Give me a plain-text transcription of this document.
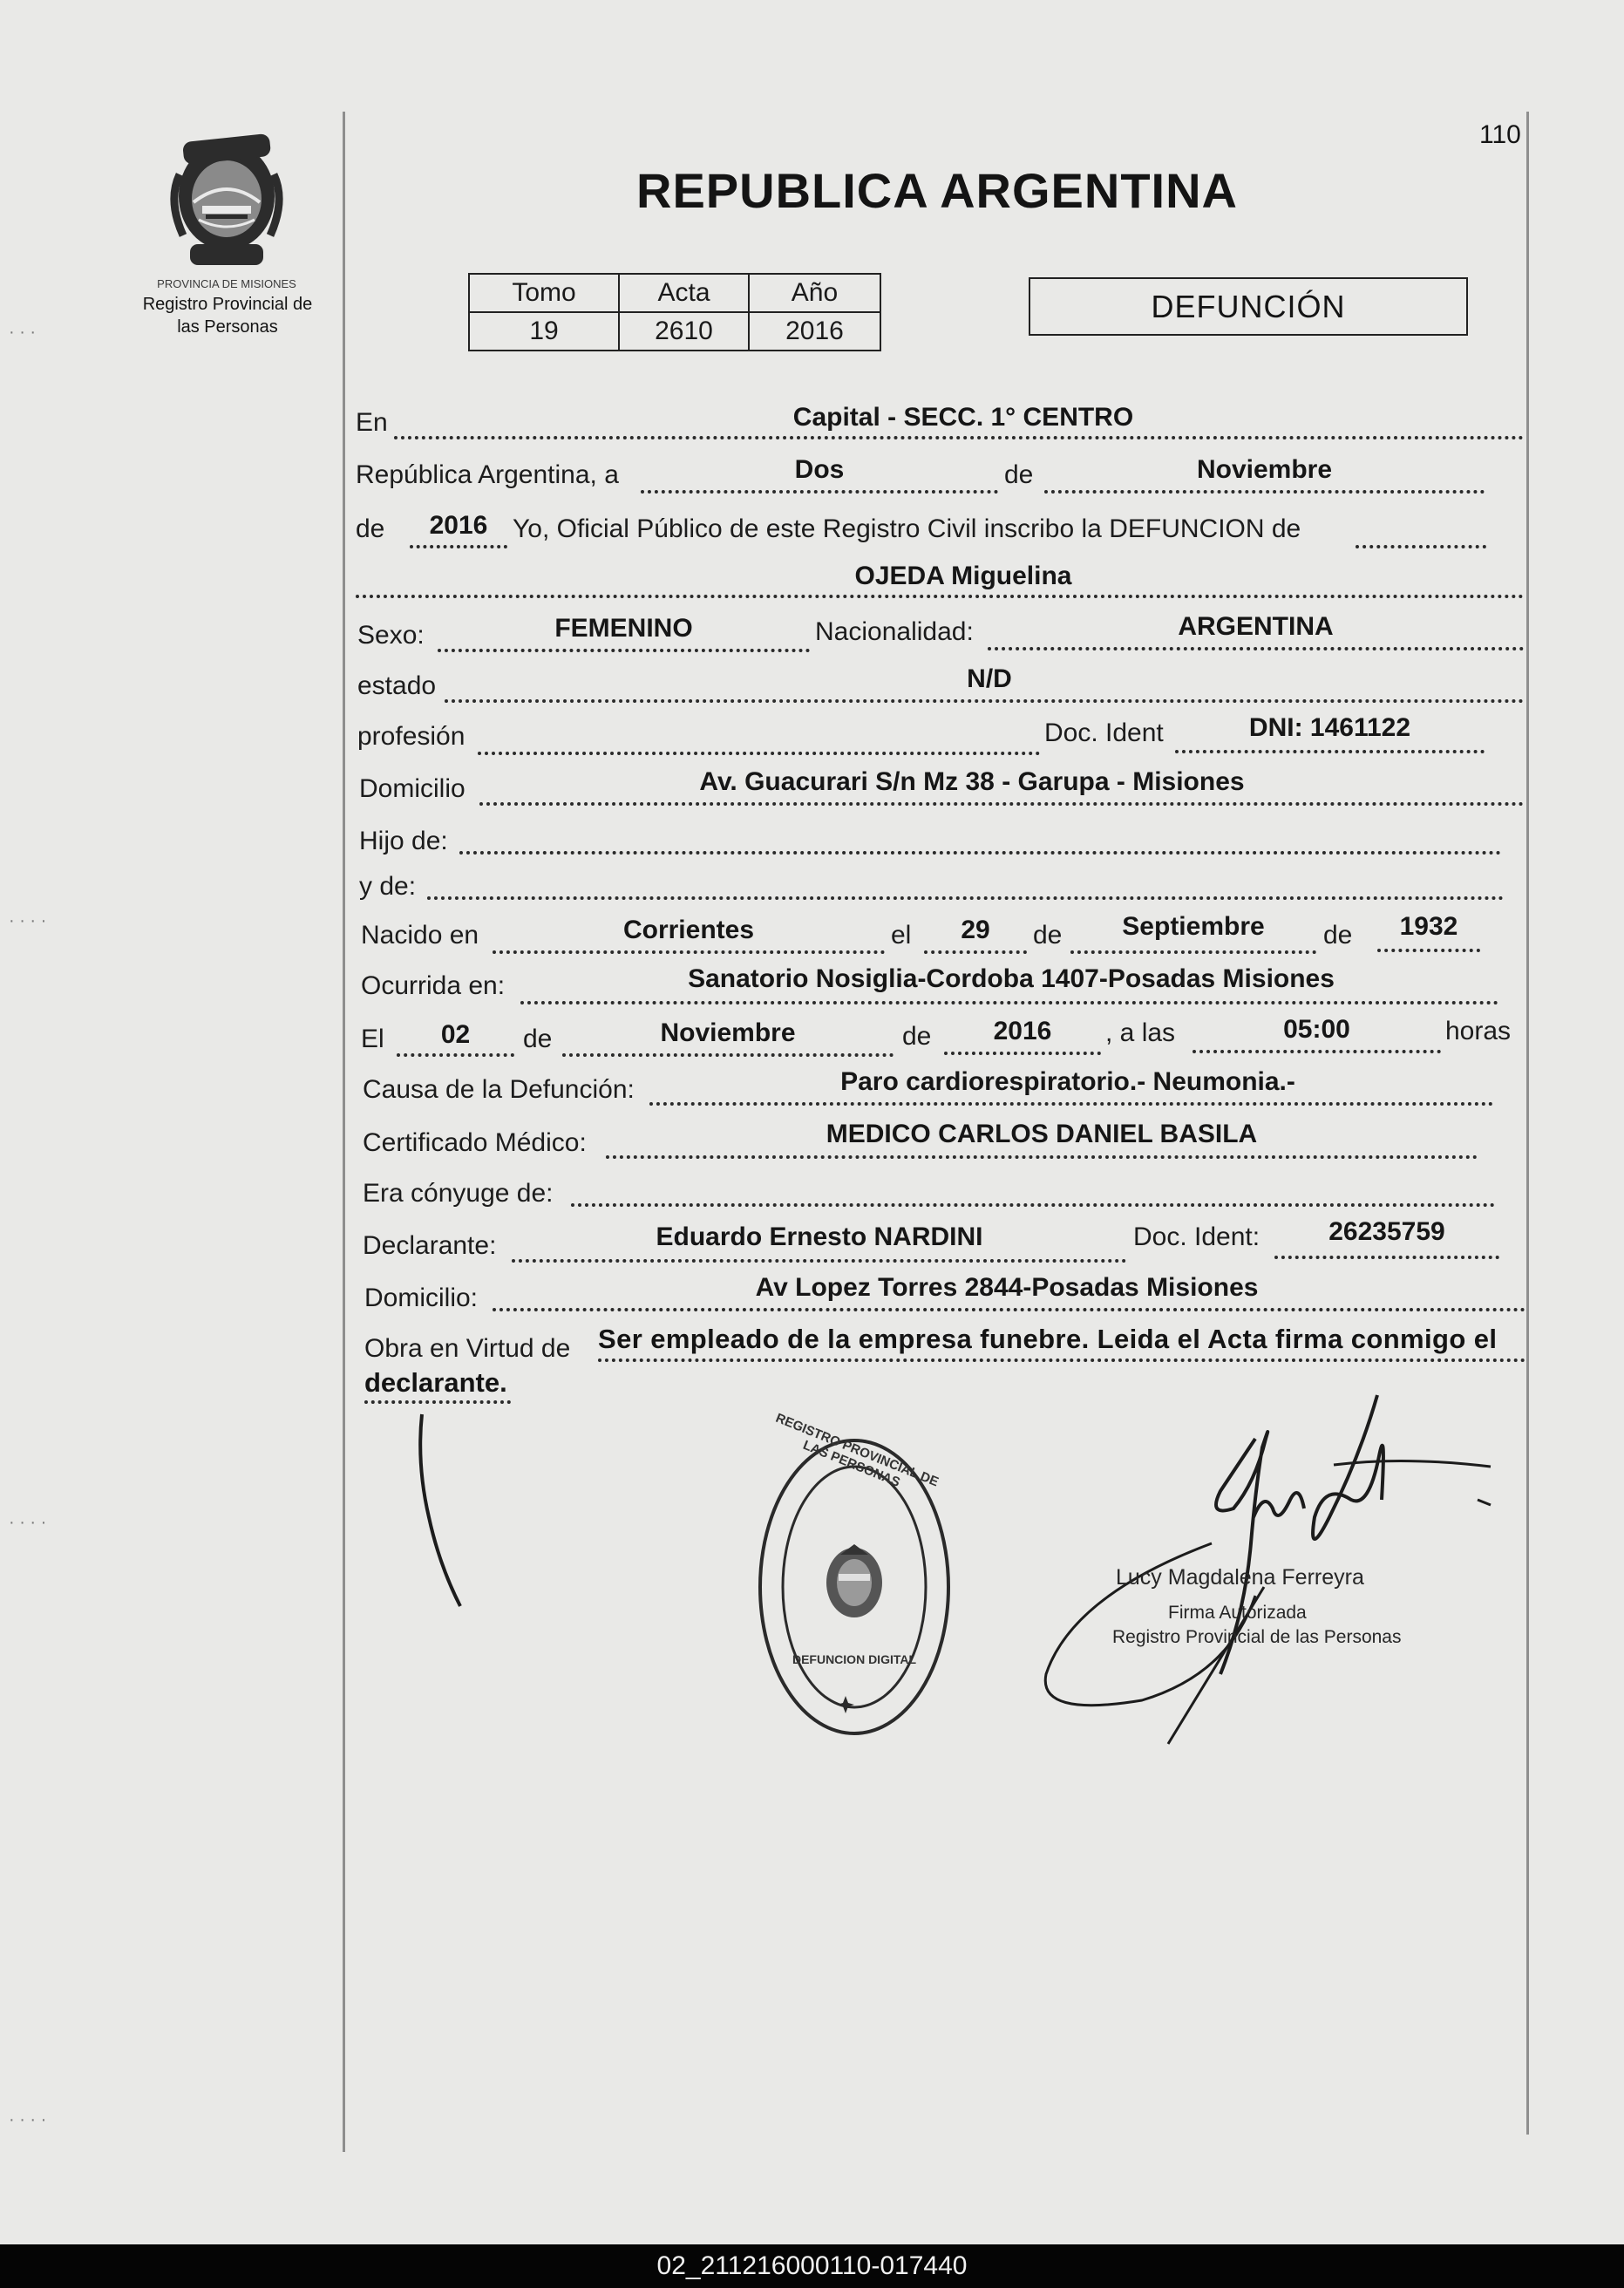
· · ·
· · · ·
· · · ·
· · · ·
110
PROVINCIA DE MISIONES
Registro Provincial de
las Personas
REPUBLICA ARGENTINA
Tomo	Acta	Año
19	2610	2016
DEFUNCIÓN
En	Capital - SECC. 1° CENTRO
República Argentina, a	Dos	de	Noviembre
de	2016 Yo, Oficial Público de este Registro Civil inscribo la DEFUNCION de
OJEDA Miguelina
Sexo:	FEMENINO	Nacionalidad:	ARGENTINA
estado	N/D
profesión	Doc. Ident	DNI: 1461122
Domicilio	Av. Guacurari S/n Mz 38 - Garupa - Misiones
Hijo de:
y de:
Nacido en	Corrientes	el	29	de	Septiembre	de	1932
Ocurrida en:	Sanatorio Nosiglia-Cordoba 1407-Posadas Misiones
El	02	de	Noviembre	de	2016	, a las	05:00	horas
Causa de la Defunción:	Paro cardiorespiratorio.- Neumonia.-
Certificado Médico:	MEDICO CARLOS DANIEL BASILA
Era cónyuge de:
Declarante:	Eduardo Ernesto NARDINI	Doc. Ident:	26235759
Domicilio:	Av Lopez Torres 2844-Posadas Misiones
Obra en Virtud de Ser empleado de la empresa funebre. Leida el Acta firma conmigo el
declarante.
REGISTRO PROVINCIAL DE LAS PERSONAS
DEFUNCION DIGITAL
Lucy Magdalena Ferreyra
Firma Autorizada
Registro Provincial de las Personas
02_211216000110-017440
